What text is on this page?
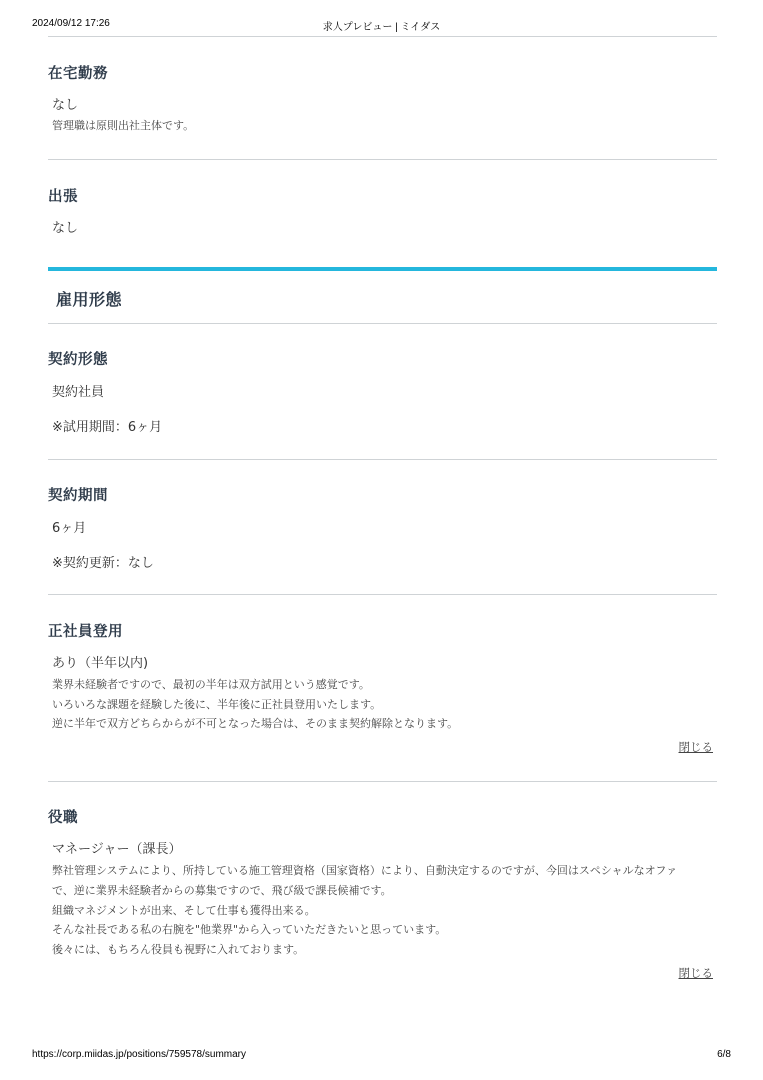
2024/09/12 17:26	求人プレビュー | ミイダス
在宅勤務
なし
管理職は原則出社主体です。
出張
なし
雇用形態
契約形態
契約社員
※試用期間：6ヶ月
契約期間
6ヶ月
※契約更新：なし
正社員登用
あり（半年以内)
業界未経験者ですので、最初の半年は双方試用という感覚です。
いろいろな課題を経験した後に、半年後に正社員登用いたします。
逆に半年で双方どちらからが不可となった場合は、そのまま契約解除となります。
閉じる
役職
マネージャー（課長）
弊社管理システムにより、所持している施工管理資格（国家資格）により、自動決定するのですが、今回はスペシャルなオファ
で、逆に業界未経験者からの募集ですので、飛び級で課長候補です。
組織マネジメントが出来、そして仕事も獲得出来る。
そんな社長である私の右腕を"他業界"から入っていただきたいと思っています。
後々には、もちろん役員も視野に入れております。
閉じる
https://corp.miidas.jp/positions/759578/summary	6/8
